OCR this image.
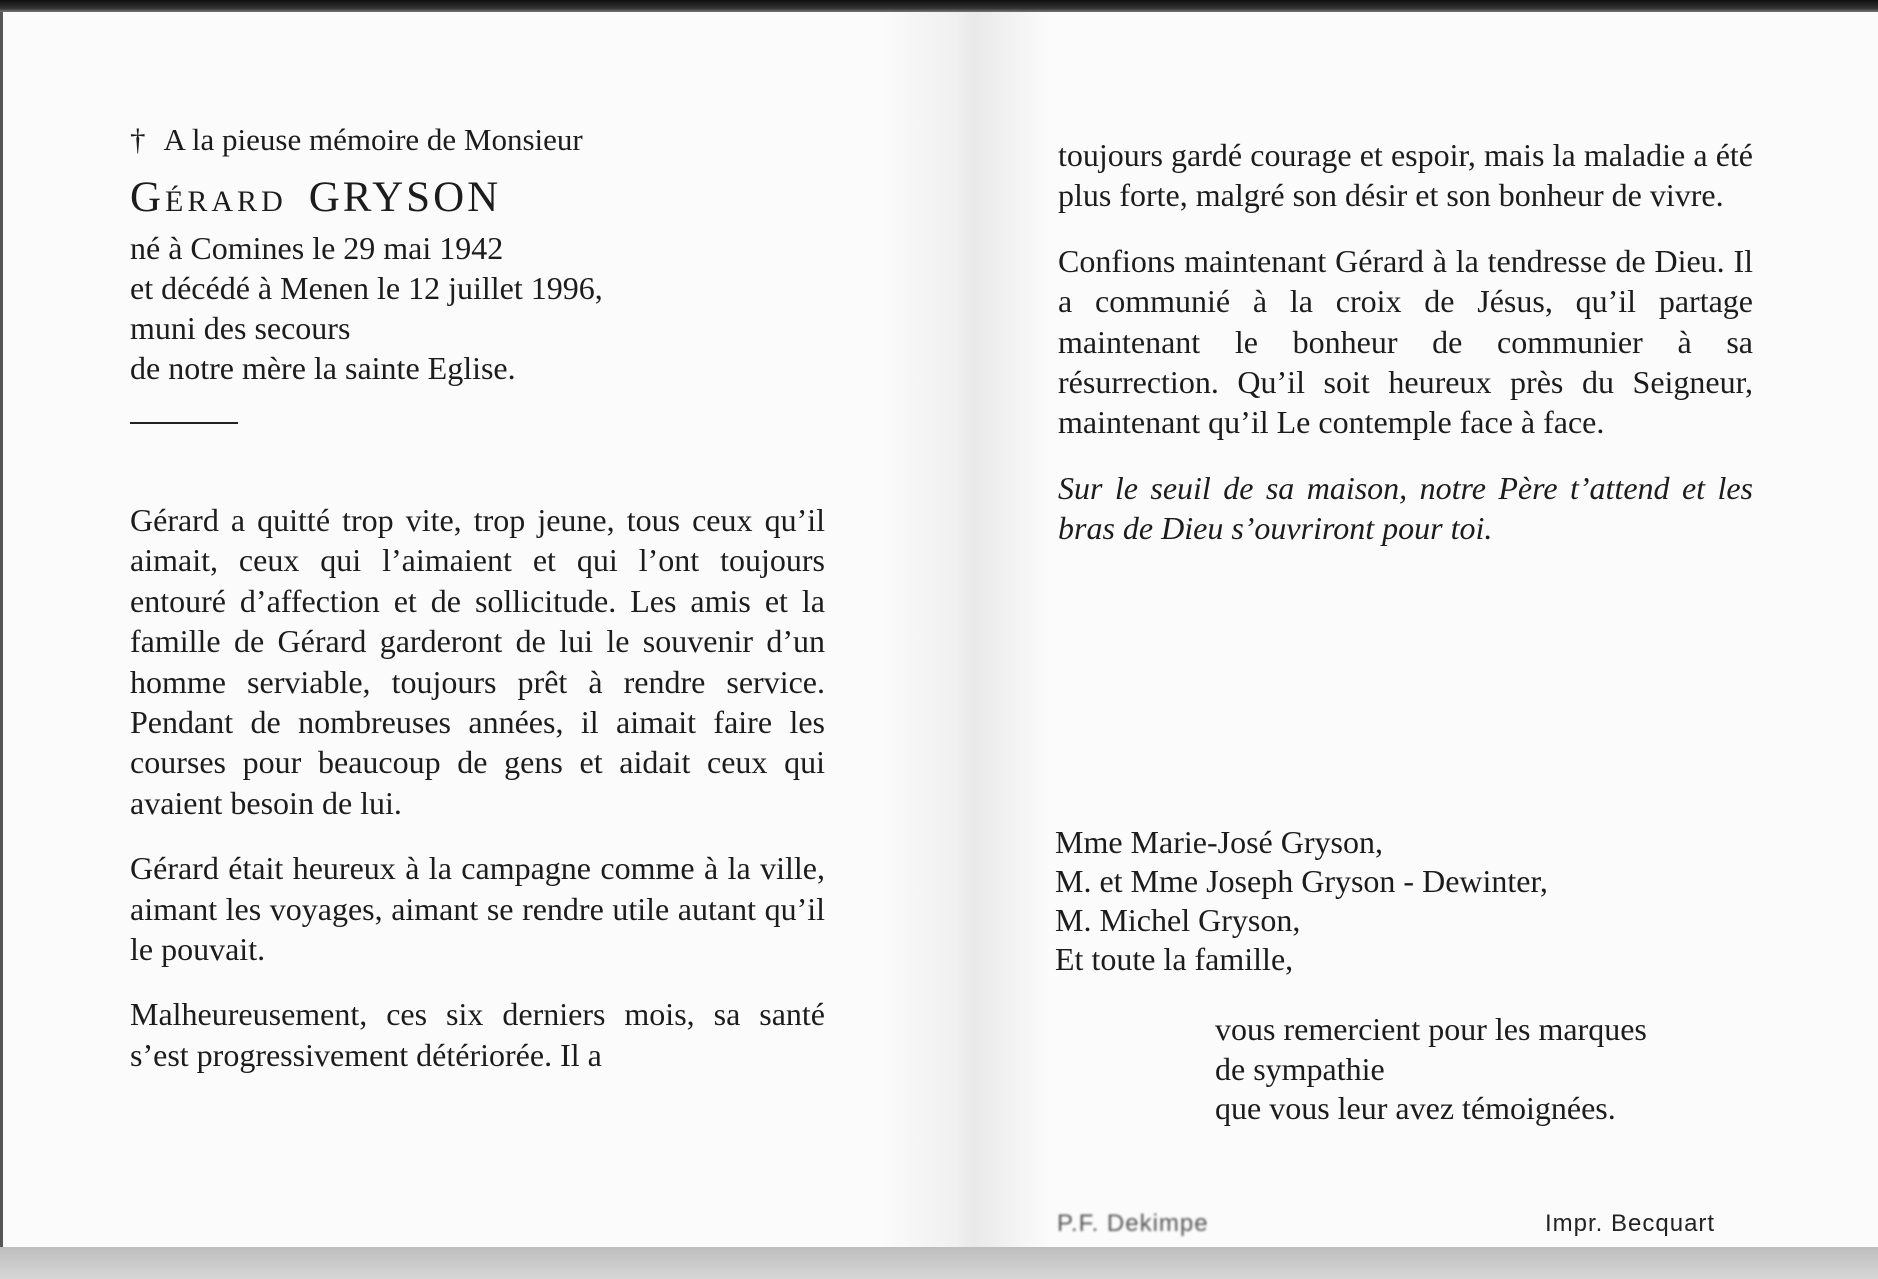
† A la pieuse mémoire de Monsieur
Gérard GRYSON
né à Comines le 29 mai 1942
et décédé à Menen le 12 juillet 1996,
muni des secours
de notre mère la sainte Eglise.

Gérard a quitté trop vite, trop jeune, tous ceux qu’il aimait, ceux qui l’aimaient et qui l’ont toujours entouré d’affection et de sollicitude. Les amis et la famille de Gérard garderont de lui le souvenir d’un homme serviable, toujours prêt à rendre service. Pendant de nombreuses années, il aimait faire les courses pour beaucoup de gens et aidait ceux qui avaient besoin de lui.

Gérard était heureux à la campagne comme à la ville, aimant les voyages, aimant se rendre utile autant qu’il le pouvait.

Malheureusement, ces six derniers mois, sa santé s’est progressivement détériorée. Il a

toujours gardé courage et espoir, mais la maladie a été plus forte, malgré son désir et son bonheur de vivre.

Confions maintenant Gérard à la tendresse de Dieu. Il a communié à la croix de Jésus, qu’il partage maintenant le bonheur de communier à sa résurrection. Qu’il soit heureux près du Seigneur, maintenant qu’il Le contemple face à face.

Sur le seuil de sa maison, notre Père t’attend et les bras de Dieu s’ouvriront pour toi.

Mme Marie-José Gryson,
M. et Mme Joseph Gryson - Dewinter,
M. Michel Gryson,
Et toute la famille,
vous remercient pour les marques
de sympathie
que vous leur avez témoignées.
P.F. Dekimpe	Impr. Becquart
